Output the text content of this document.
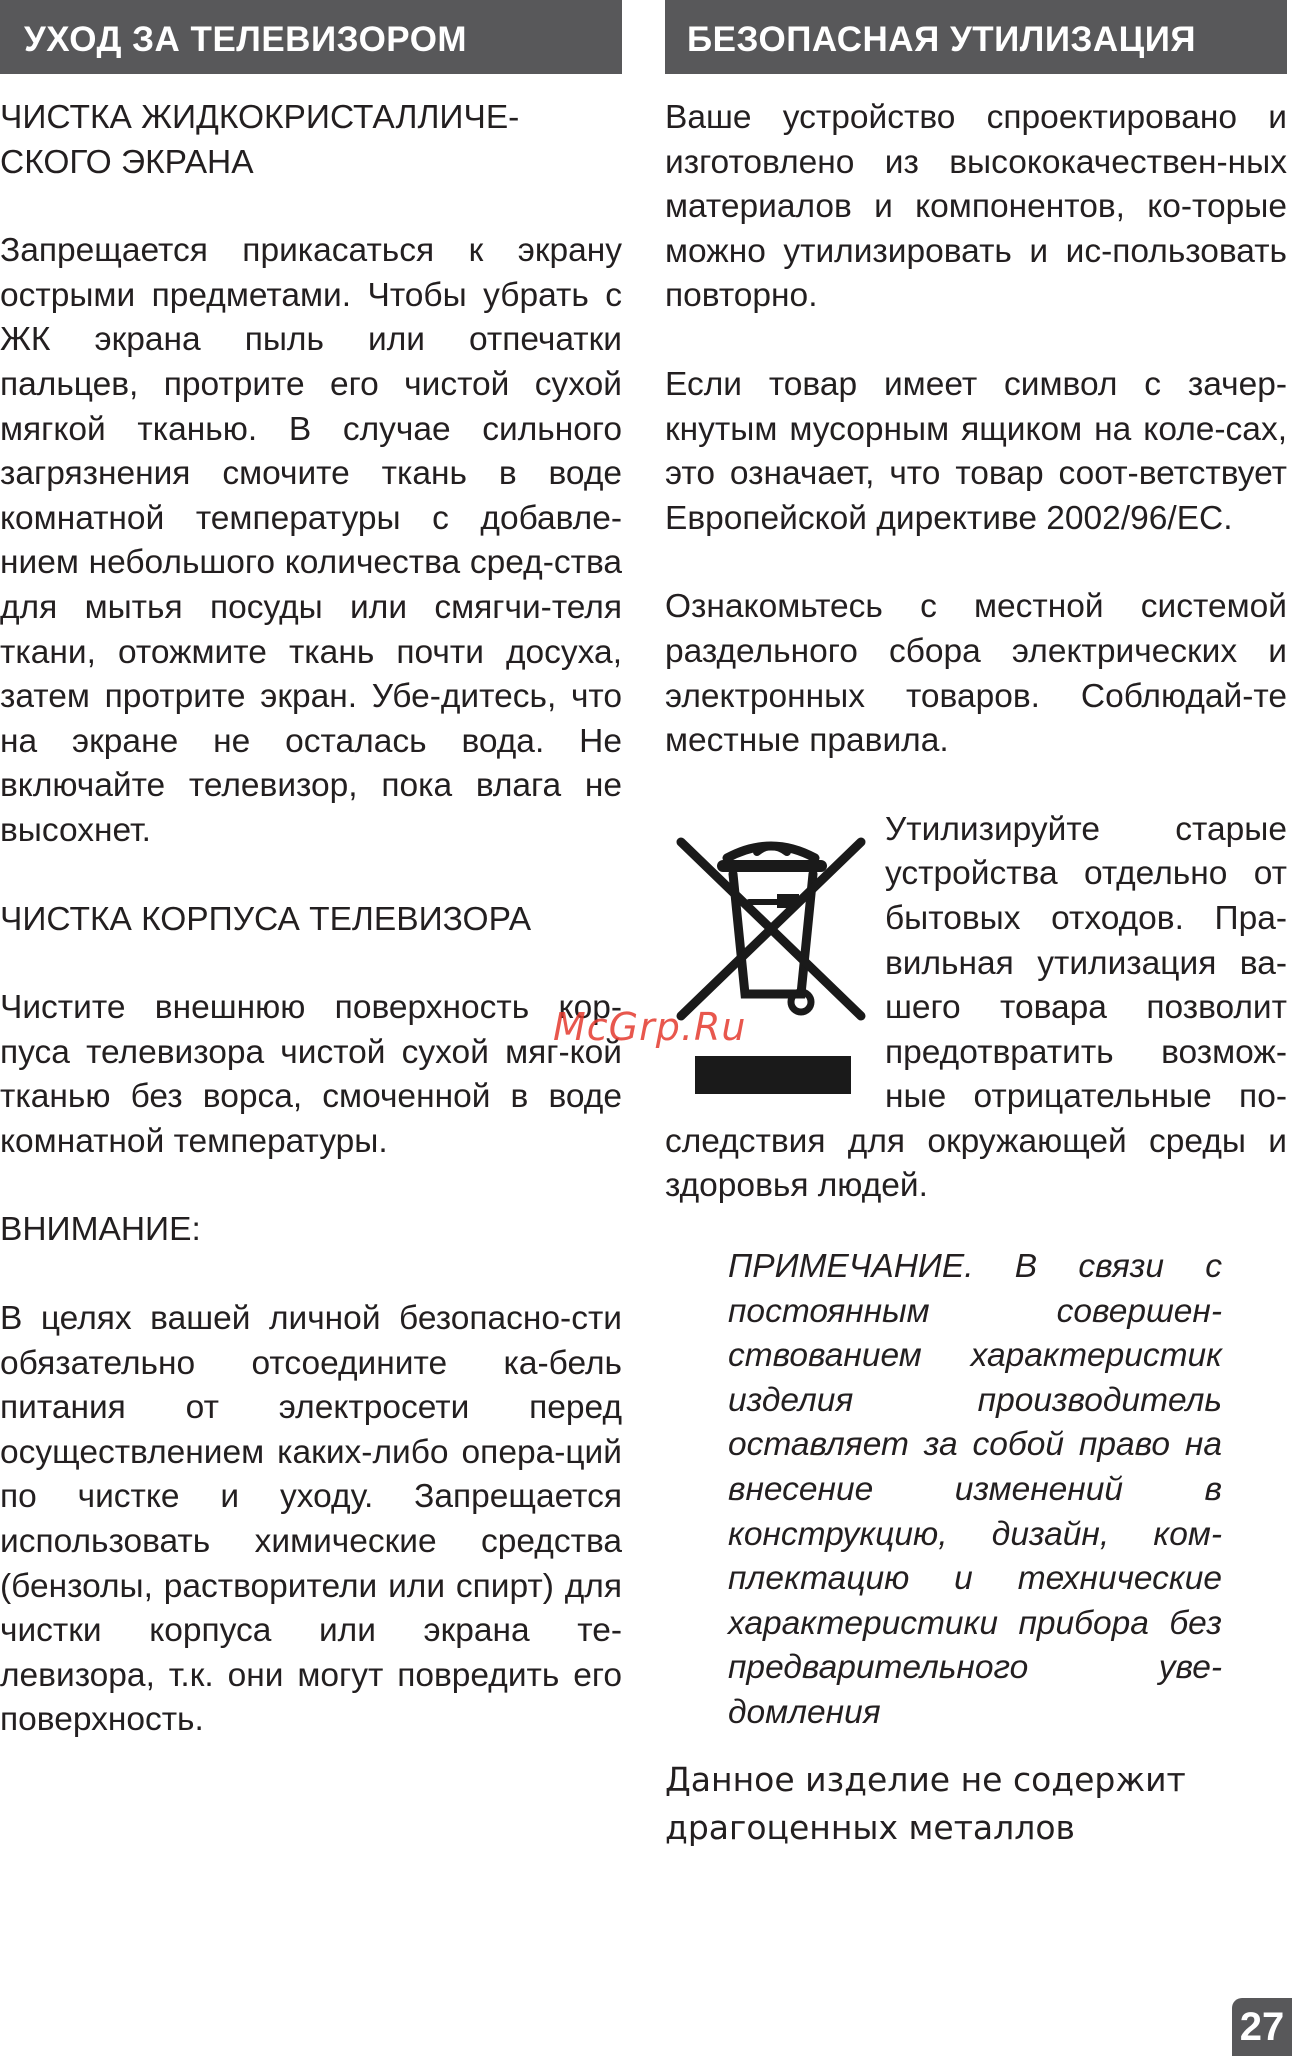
УХОД ЗА ТЕЛЕВИЗОРОМ

ЧИСТКА ЖИДКОКРИСТАЛЛИЧЕ-
СКОГО ЭКРАНА

Запрещается прикасаться к экрану острыми предметами. Чтобы убрать с ЖК экрана пыль или отпечатки пальцев, протрите его чистой сухой мягкой тканью. В случае сильного загрязнения смочите ткань в воде комнатной температуры с добавле-нием небольшого количества сред-ства для мытья посуды или смягчи-теля ткани, отожмите ткань почти досуха, затем протрите экран. Убе-дитесь, что на экране не осталась вода. Не включайте телевизор, пока влага не высохнет.

ЧИСТКА КОРПУСА ТЕЛЕВИЗОРА

Чистите внешнюю поверхность кор-пуса телевизора чистой сухой мяг-кой тканью без ворса, смоченной в воде комнатной температуры.

ВНИМАНИЕ:

В целях вашей личной безопасно-сти обязательно отсоедините ка-бель питания от электросети перед осуществлением каких-либо опера-ций по чистке и уходу. Запрещается использовать химические средства (бензолы, растворители или спирт) для чистки корпуса или экрана те-левизора, т.к. они могут повредить его поверхность.

БЕЗОПАСНАЯ УТИЛИЗАЦИЯ

Ваше устройство спроектировано и изготовлено из высококачествен-ных материалов и компонентов, ко-торые можно утилизировать и ис-пользовать повторно.

Если товар имеет символ с зачер-кнутым мусорным ящиком на коле-сах, это означает, что товар соот-ветствует Европейской директиве 2002/96/ЕС.

Ознакомьтесь с местной системой раздельного сбора электрических и электронных товаров. Соблюдай-те местные правила.

Утилизируйте старые устройства отдельно от бытовых отходов. Пра-вильная утилизация ва-шего товара позволит предотвратить возмож-ные отрицательные по-следствия для окружающей среды и здоровья людей.

ПРИМЕЧАНИЕ. В связи с постоянным совершен-ствованием характеристик изделия производитель оставляет за собой право на внесение изменений в конструкцию, дизайн, ком-плектацию и технические характеристики прибора без предварительного уве-домления

Данное изделие не содержит
драгоценных металлов

McGrp.Ru
27
